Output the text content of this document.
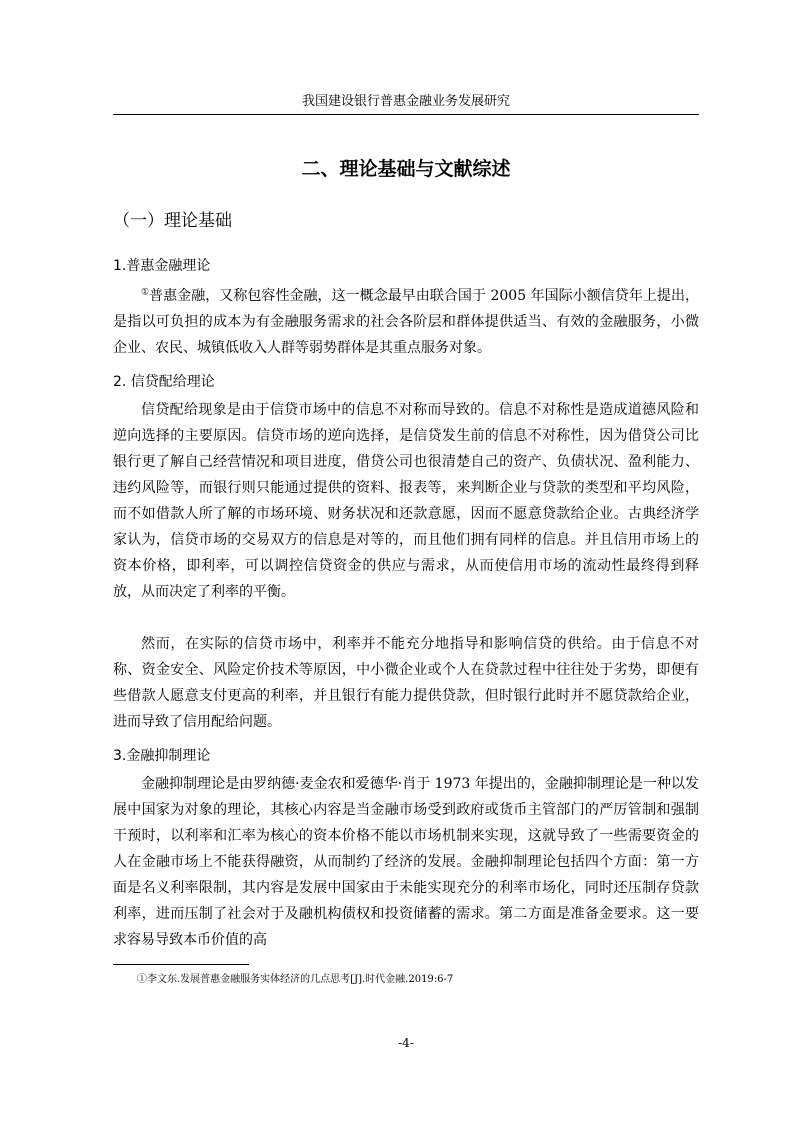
我国建设银行普惠金融业务发展研究
二、理论基础与文献综述
（一）理论基础
1.普惠金融理论

①普惠金融，又称包容性金融，这一概念最早由联合国于 2005 年国际小额信贷年上提出，是指以可负担的成本为有金融服务需求的社会各阶层和群体提供适当、有效的金融服务，小微企业、农民、城镇低收入人群等弱势群体是其重点服务对象。

2. 信贷配给理论

信贷配给现象是由于信贷市场中的信息不对称而导致的。信息不对称性是造成道德风险和逆向选择的主要原因。信贷市场的逆向选择，是信贷发生前的信息不对称性，因为借贷公司比银行更了解自己经营情况和项目进度，借贷公司也很清楚自己的资产、负债状况、盈利能力、违约风险等，而银行则只能通过提供的资料、报表等，来判断企业与贷款的类型和平均风险，而不如借款人所了解的市场环境、财务状况和还款意愿，因而不愿意贷款给企业。古典经济学家认为，信贷市场的交易双方的信息是对等的，而且他们拥有同样的信息。并且信用市场上的资本价格，即利率，可以调控信贷资金的供应与需求，从而使信用市场的流动性最终得到释放，从而决定了利率的平衡。

然而，在实际的信贷市场中，利率并不能充分地指导和影响信贷的供给。由于信息不对称、资金安全、风险定价技术等原因，中小微企业或个人在贷款过程中往往处于劣势，即便有些借款人愿意支付更高的利率，并且银行有能力提供贷款，但时银行此时并不愿贷款给企业，进而导致了信用配给问题。

3.金融抑制理论

金融抑制理论是由罗纳德·麦金农和爱德华·肖于 1973 年提出的，金融抑制理论是一种以发展中国家为对象的理论，其核心内容是当金融市场受到政府或货币主管部门的严厉管制和强制干预时，以利率和汇率为核心的资本价格不能以市场机制来实现，这就导致了一些需要资金的人在金融市场上不能获得融资，从而制约了经济的发展。金融抑制理论包括四个方面：第一方面是名义利率限制，其内容是发展中国家由于未能实现充分的利率市场化，同时还压制存贷款利率，进而压制了社会对于及融机构债权和投资储蓄的需求。第二方面是准备金要求。这一要求容易导致本币价值的高

①李文东.发展普惠金融服务实体经济的几点思考[J].时代金融.2019:6-7
-4-
